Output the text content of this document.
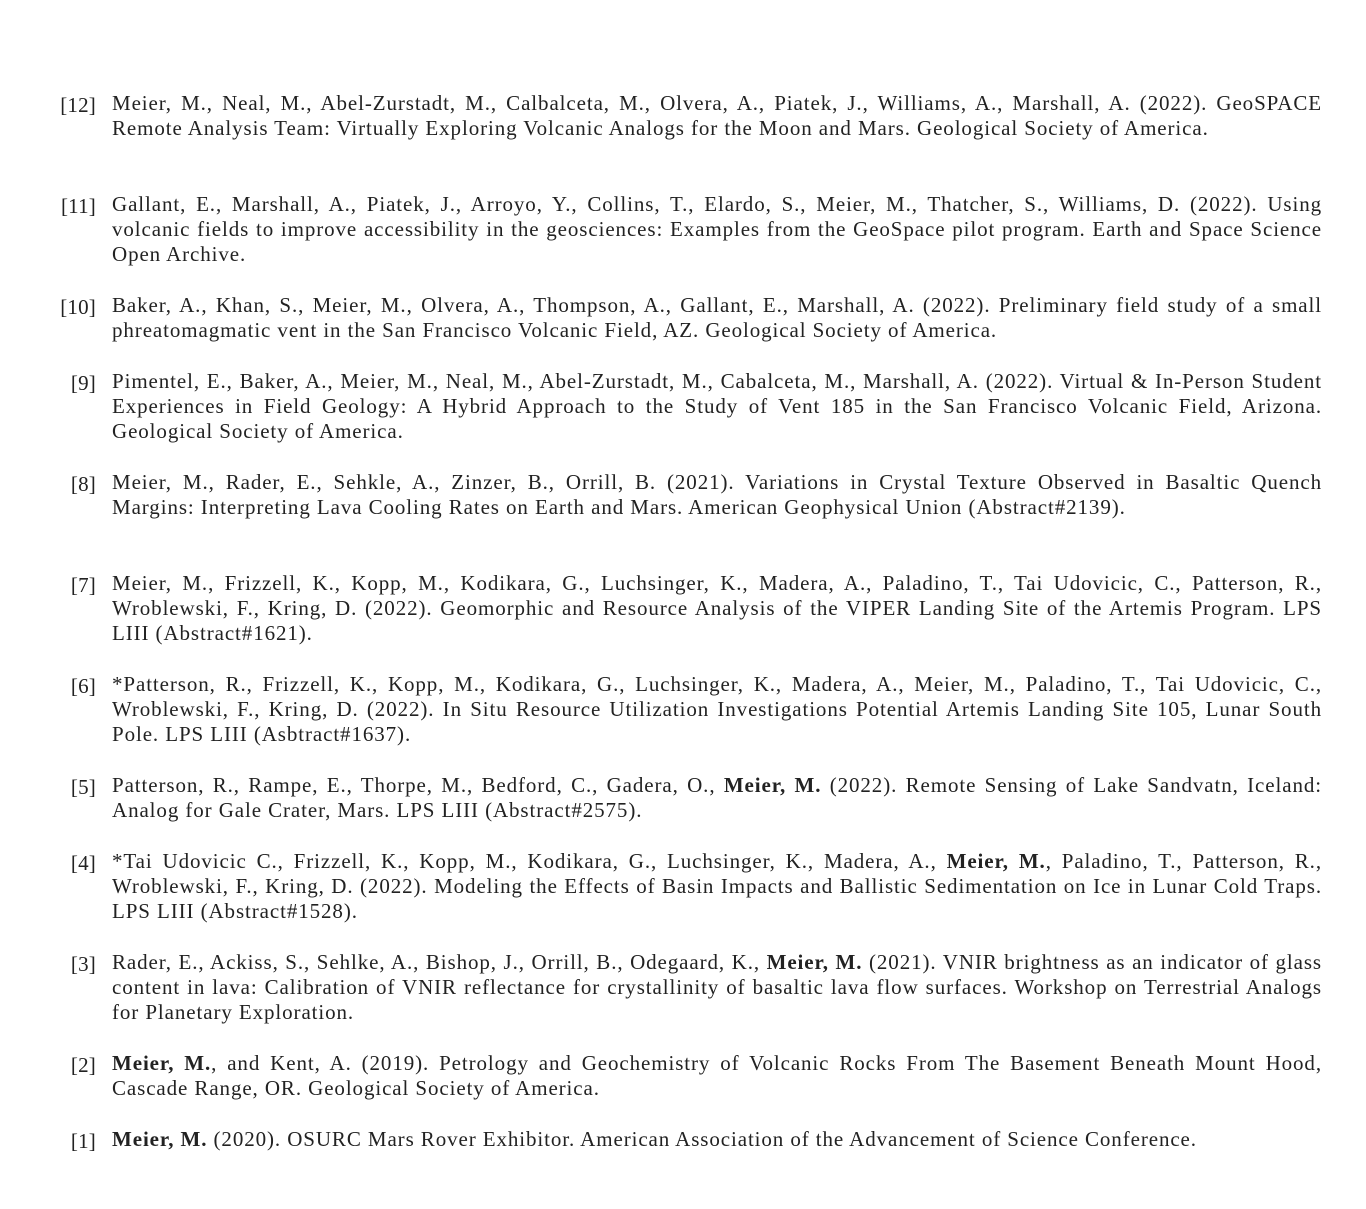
[12] Meier, M., Neal, M., Abel-Zurstadt, M., Calbalceta, M., Olvera, A., Piatek, J., Williams, A., Marshall, A. (2022). GeoSPACE Remote Analysis Team: Virtually Exploring Volcanic Analogs for the Moon and Mars. Geological Society of America.
[11] Gallant, E., Marshall, A., Piatek, J., Arroyo, Y., Collins, T., Elardo, S., Meier, M., Thatcher, S., Williams, D. (2022). Using volcanic fields to improve accessibility in the geosciences: Examples from the GeoSpace pilot program. Earth and Space Science Open Archive.
[10] Baker, A., Khan, S., Meier, M., Olvera, A., Thompson, A., Gallant, E., Marshall, A. (2022). Preliminary field study of a small phreatomagmatic vent in the San Francisco Volcanic Field, AZ. Geological Society of America.
[9] Pimentel, E., Baker, A., Meier, M., Neal, M., Abel-Zurstadt, M., Cabalceta, M., Marshall, A. (2022). Virtual & In-Person Student Experiences in Field Geology: A Hybrid Approach to the Study of Vent 185 in the San Francisco Volcanic Field, Arizona. Geological Society of America.
[8] Meier, M., Rader, E., Sehkle, A., Zinzer, B., Orrill, B. (2021). Variations in Crystal Texture Observed in Basaltic Quench Margins: Interpreting Lava Cooling Rates on Earth and Mars. American Geophysical Union (Abstract#2139).
[7] Meier, M., Frizzell, K., Kopp, M., Kodikara, G., Luchsinger, K., Madera, A., Paladino, T., Tai Udovicic, C., Patterson, R., Wroblewski, F., Kring, D. (2022). Geomorphic and Resource Analysis of the VIPER Landing Site of the Artemis Program. LPS LIII (Abstract#1621).
[6] *Patterson, R., Frizzell, K., Kopp, M., Kodikara, G., Luchsinger, K., Madera, A., Meier, M., Paladino, T., Tai Udovicic, C., Wroblewski, F., Kring, D. (2022). In Situ Resource Utilization Investigations Potential Artemis Landing Site 105, Lunar South Pole. LPS LIII (Asbtract#1637).
[5] Patterson, R., Rampe, E., Thorpe, M., Bedford, C., Gadera, O., Meier, M. (2022). Remote Sensing of Lake Sandvatn, Iceland: Analog for Gale Crater, Mars. LPS LIII (Abstract#2575).
[4] *Tai Udovicic C., Frizzell, K., Kopp, M., Kodikara, G., Luchsinger, K., Madera, A., Meier, M., Paladino, T., Patterson, R., Wroblewski, F., Kring, D. (2022). Modeling the Effects of Basin Impacts and Ballistic Sedimentation on Ice in Lunar Cold Traps. LPS LIII (Abstract#1528).
[3] Rader, E., Ackiss, S., Sehlke, A., Bishop, J., Orrill, B., Odegaard, K., Meier, M. (2021). VNIR brightness as an indicator of glass content in lava: Calibration of VNIR reflectance for crystallinity of basaltic lava flow surfaces. Workshop on Terrestrial Analogs for Planetary Exploration.
[2] Meier, M., and Kent, A. (2019). Petrology and Geochemistry of Volcanic Rocks From The Basement Beneath Mount Hood, Cascade Range, OR. Geological Society of America.
[1] Meier, M. (2020). OSURC Mars Rover Exhibitor. American Association of the Advancement of Science Conference.
